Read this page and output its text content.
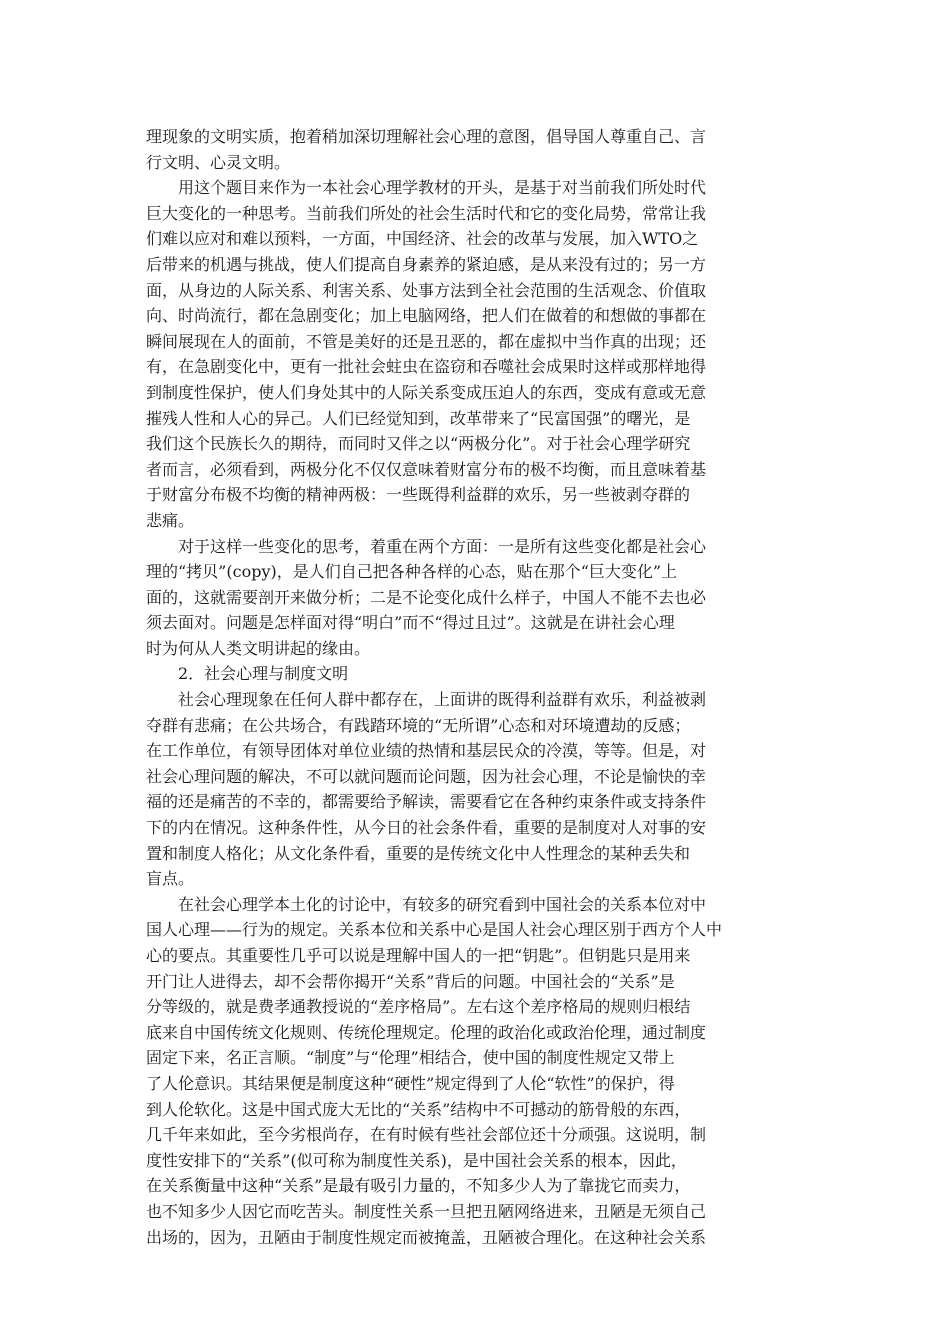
理现象的文明实质，抱着稍加深切理解社会心理的意图，倡导国人尊重自己、言
行文明、心灵文明。
用这个题目来作为一本社会心理学教材的开头，是基于对当前我们所处时代
巨大变化的一种思考。当前我们所处的社会生活时代和它的变化局势，常常让我
们难以应对和难以预料，一方面，中国经济、社会的改革与发展，加入WTO之
后带来的机遇与挑战，使人们提高自身素养的紧迫感，是从来没有过的；另一方
面，从身边的人际关系、利害关系、处事方法到全社会范围的生活观念、价值取
向、时尚流行，都在急剧变化；加上电脑网络，把人们在做着的和想做的事都在
瞬间展现在人的面前，不管是美好的还是丑恶的，都在虚拟中当作真的出现；还
有，在急剧变化中，更有一批社会蛀虫在盗窃和吞噬社会成果时这样或那样地得
到制度性保护，使人们身处其中的人际关系变成压迫人的东西，变成有意或无意
摧残人性和人心的异己。人们已经觉知到，改革带来了“民富国强”的曙光，是
我们这个民族长久的期待，而同时又伴之以“两极分化”。对于社会心理学研究
者而言，必须看到，两极分化不仅仅意味着财富分布的极不均衡，而且意味着基
于财富分布极不均衡的精神两极：一些既得利益群的欢乐，另一些被剥夺群的
悲痛。
对于这样一些变化的思考，着重在两个方面：一是所有这些变化都是社会心
理的“拷贝”(copy)，是人们自己把各种各样的心态，贴在那个“巨大变化”上
面的，这就需要剖开来做分析；二是不论变化成什么样子，中国人不能不去也必
须去面对。问题是怎样面对得“明白”而不“得过且过”。这就是在讲社会心理
时为何从人类文明讲起的缘由。
2．社会心理与制度文明
社会心理现象在任何人群中都存在，上面讲的既得利益群有欢乐，利益被剥
夺群有悲痛；在公共场合，有践踏环境的“无所谓”心态和对环境遭劫的反感；
在工作单位，有领导团体对单位业绩的热情和基层民众的冷漠，等等。但是，对
社会心理问题的解决，不可以就问题而论问题，因为社会心理，不论是愉快的幸
福的还是痛苦的不幸的，都需要给予解读，需要看它在各种约束条件或支持条件
下的内在情况。这种条件性，从今日的社会条件看，重要的是制度对人对事的安
置和制度人格化；从文化条件看，重要的是传统文化中人性理念的某种丢失和
盲点。
在社会心理学本土化的讨论中，有较多的研究看到中国社会的关系本位对中
国人心理——行为的规定。关系本位和关系中心是国人社会心理区别于西方个人中
心的要点。其重要性几乎可以说是理解中国人的一把“钥匙”。但钥匙只是用来
开门让人进得去，却不会帮你揭开“关系”背后的问题。中国社会的“关系”是
分等级的，就是费孝通教授说的“差序格局”。左右这个差序格局的规则归根结
底来自中国传统文化规则、传统伦理规定。伦理的政治化或政治伦理，通过制度
固定下来，名正言顺。“制度”与“伦理”相结合，使中国的制度性规定又带上
了人伦意识。其结果便是制度这种“硬性”规定得到了人伦“软性”的保护，得
到人伦软化。这是中国式庞大无比的“关系”结构中不可撼动的筋骨般的东西，
几千年来如此，至今劣根尚存，在有时候有些社会部位还十分顽强。这说明，制
度性安排下的“关系”(似可称为制度性关系)，是中国社会关系的根本，因此，
在关系衡量中这种“关系”是最有吸引力量的，不知多少人为了靠拢它而卖力，
也不知多少人因它而吃苦头。制度性关系一旦把丑陋网络进来，丑陋是无须自己
出场的，因为，丑陋由于制度性规定而被掩盖，丑陋被合理化。在这种社会关系
